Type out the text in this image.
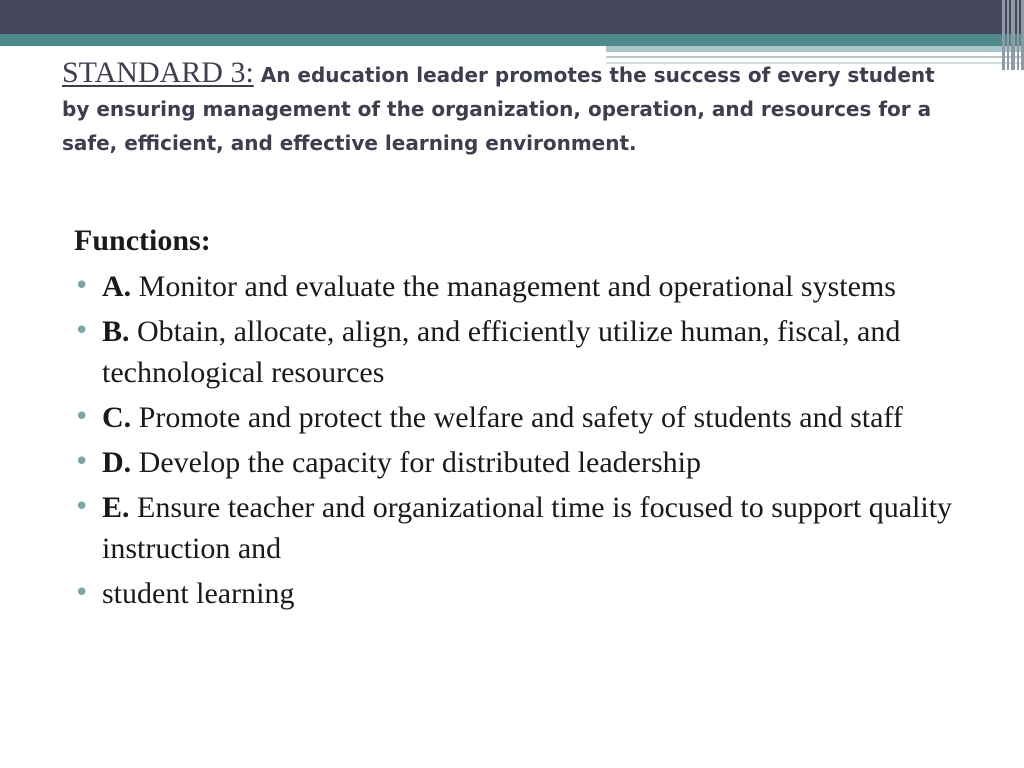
STANDARD 3: An education leader promotes the success of every student by ensuring management of the organization, operation, and resources for a safe, efficient, and effective learning environment.
Functions:
• A. Monitor and evaluate the management and operational systems
• B. Obtain, allocate, align, and efficiently utilize human, fiscal, and technological resources
• C. Promote and protect the welfare and safety of students and staff
• D. Develop the capacity for distributed leadership
• E. Ensure teacher and organizational time is focused to support quality instruction and
• student learning
